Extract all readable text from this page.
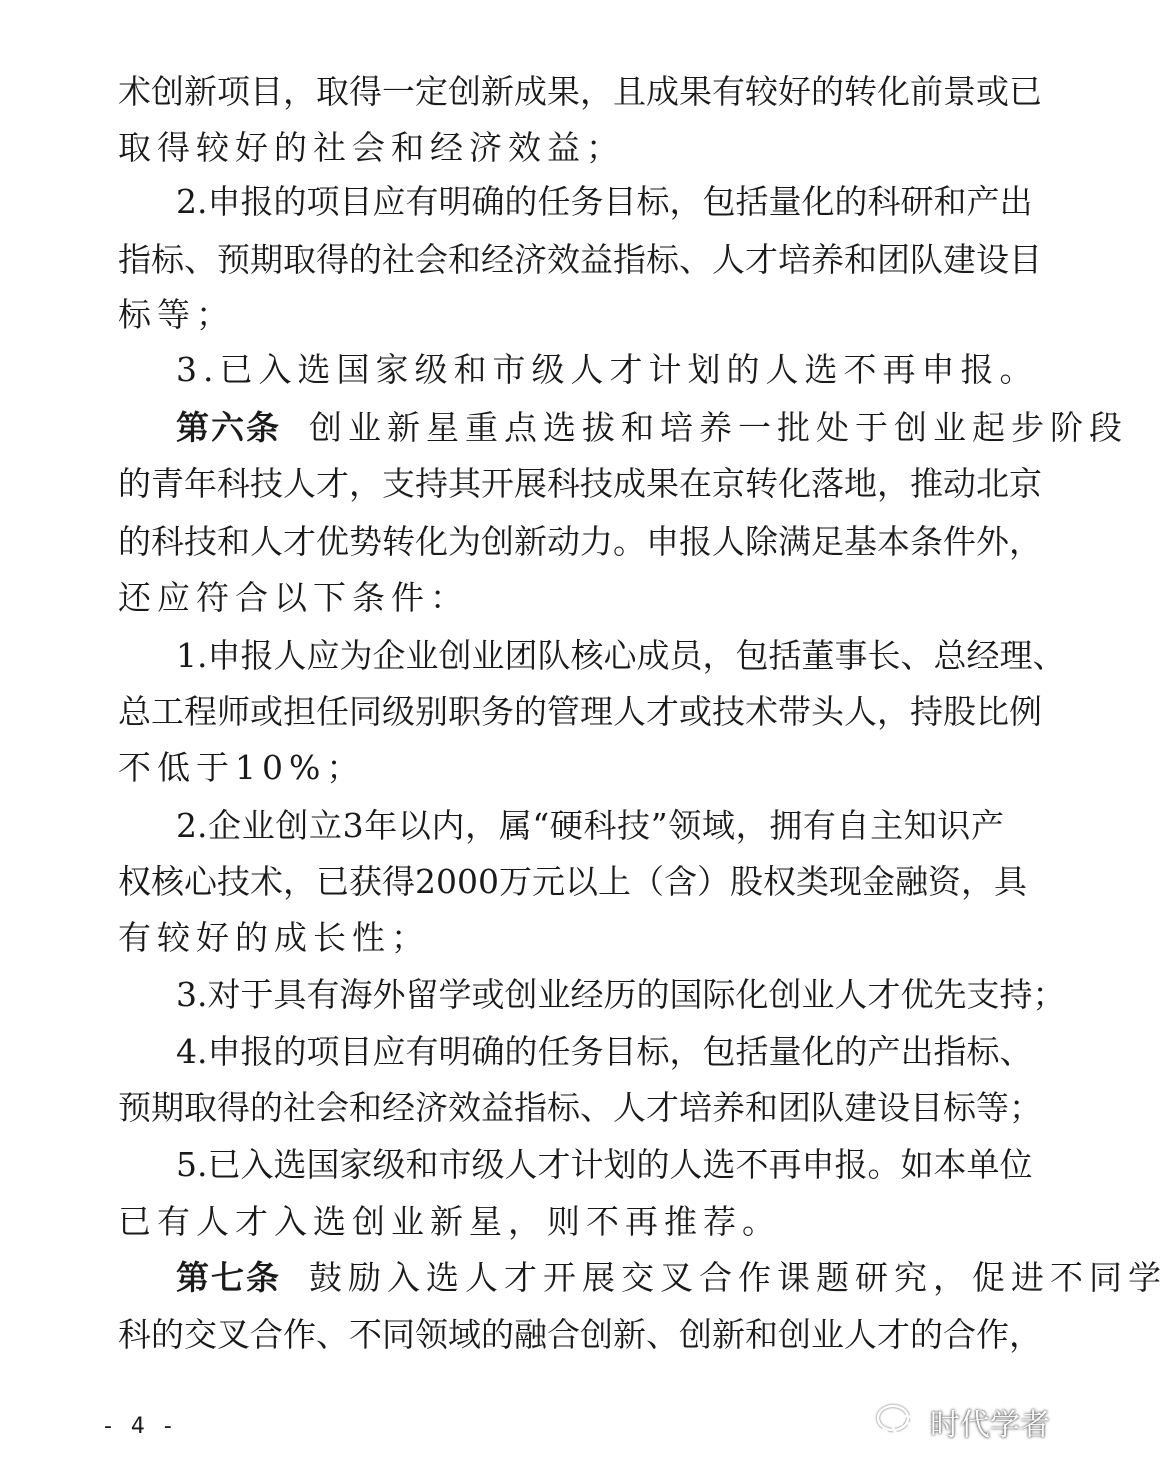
术创新项目，取得一定创新成果，且成果有较好的转化前景或已
取得较好的社会和经济效益；
2.申报的项目应有明确的任务目标，包括量化的科研和产出
指标、预期取得的社会和经济效益指标、人才培养和团队建设目
标等；
3.已入选国家级和市级人才计划的人选不再申报。
第六条 创业新星重点选拔和培养一批处于创业起步阶段
的青年科技人才，支持其开展科技成果在京转化落地，推动北京
的科技和人才优势转化为创新动力。申报人除满足基本条件外，
还应符合以下条件：
1.申报人应为企业创业团队核心成员，包括董事长、总经理、
总工程师或担任同级别职务的管理人才或技术带头人，持股比例
不低于10%；
2.企业创立3年以内，属“硬科技”领域，拥有自主知识产
权核心技术，已获得2000万元以上（含）股权类现金融资，具
有较好的成长性；
3.对于具有海外留学或创业经历的国际化创业人才优先支持；
4.申报的项目应有明确的任务目标，包括量化的产出指标、
预期取得的社会和经济效益指标、人才培养和团队建设目标等；
5.已入选国家级和市级人才计划的人选不再申报。如本单位
已有人才入选创业新星，则不再推荐。
第七条 鼓励入选人才开展交叉合作课题研究，促进不同学
科的交叉合作、不同领域的融合创新、创新和创业人才的合作，
- 4 -	时代学者
